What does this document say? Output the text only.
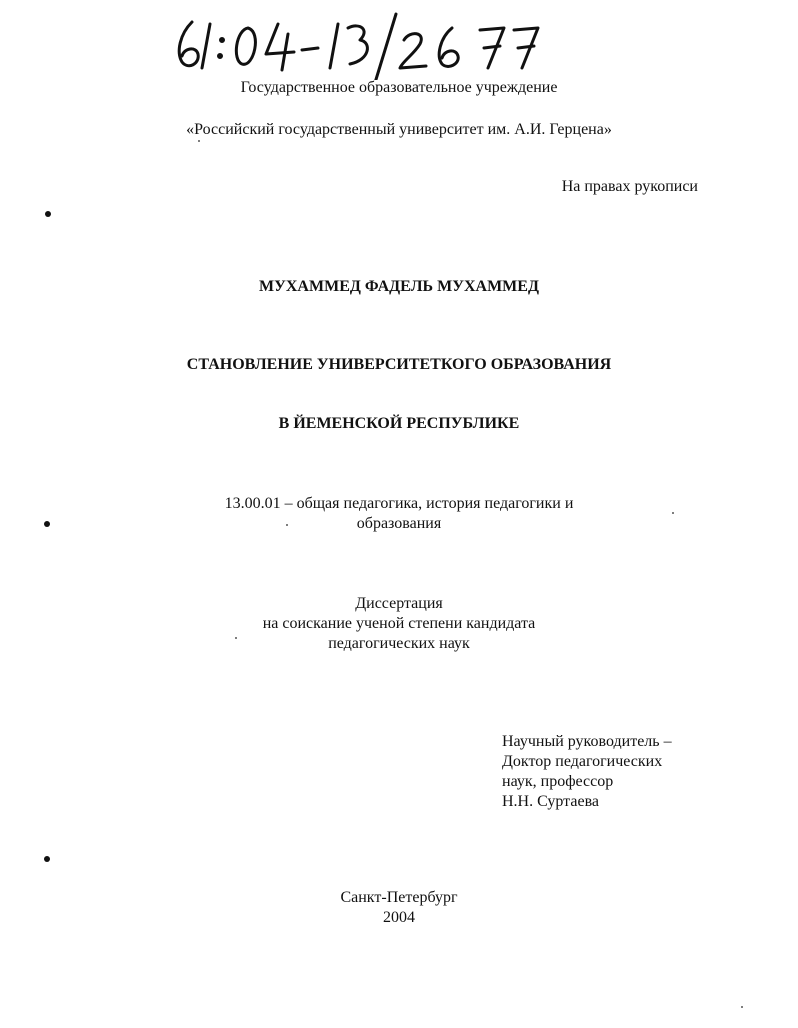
Государственное образовательное учреждение
«Российский государственный университет им. А.И. Герцена»
На правах рукописи
МУХАММЕД ФАДЕЛЬ МУХАММЕД
СТАНОВЛЕНИЕ УНИВЕРСИТЕТКОГО ОБРАЗОВАНИЯ
В ЙЕМЕНСКОЙ РЕСПУБЛИКЕ
13.00.01 – общая педагогика, история педагогики и
образования
Диссертация
на соискание ученой степени кандидата
педагогических наук
Научный руководитель –
Доктор педагогических
наук, профессор
Н.Н. Суртаева
Санкт-Петербург
2004
